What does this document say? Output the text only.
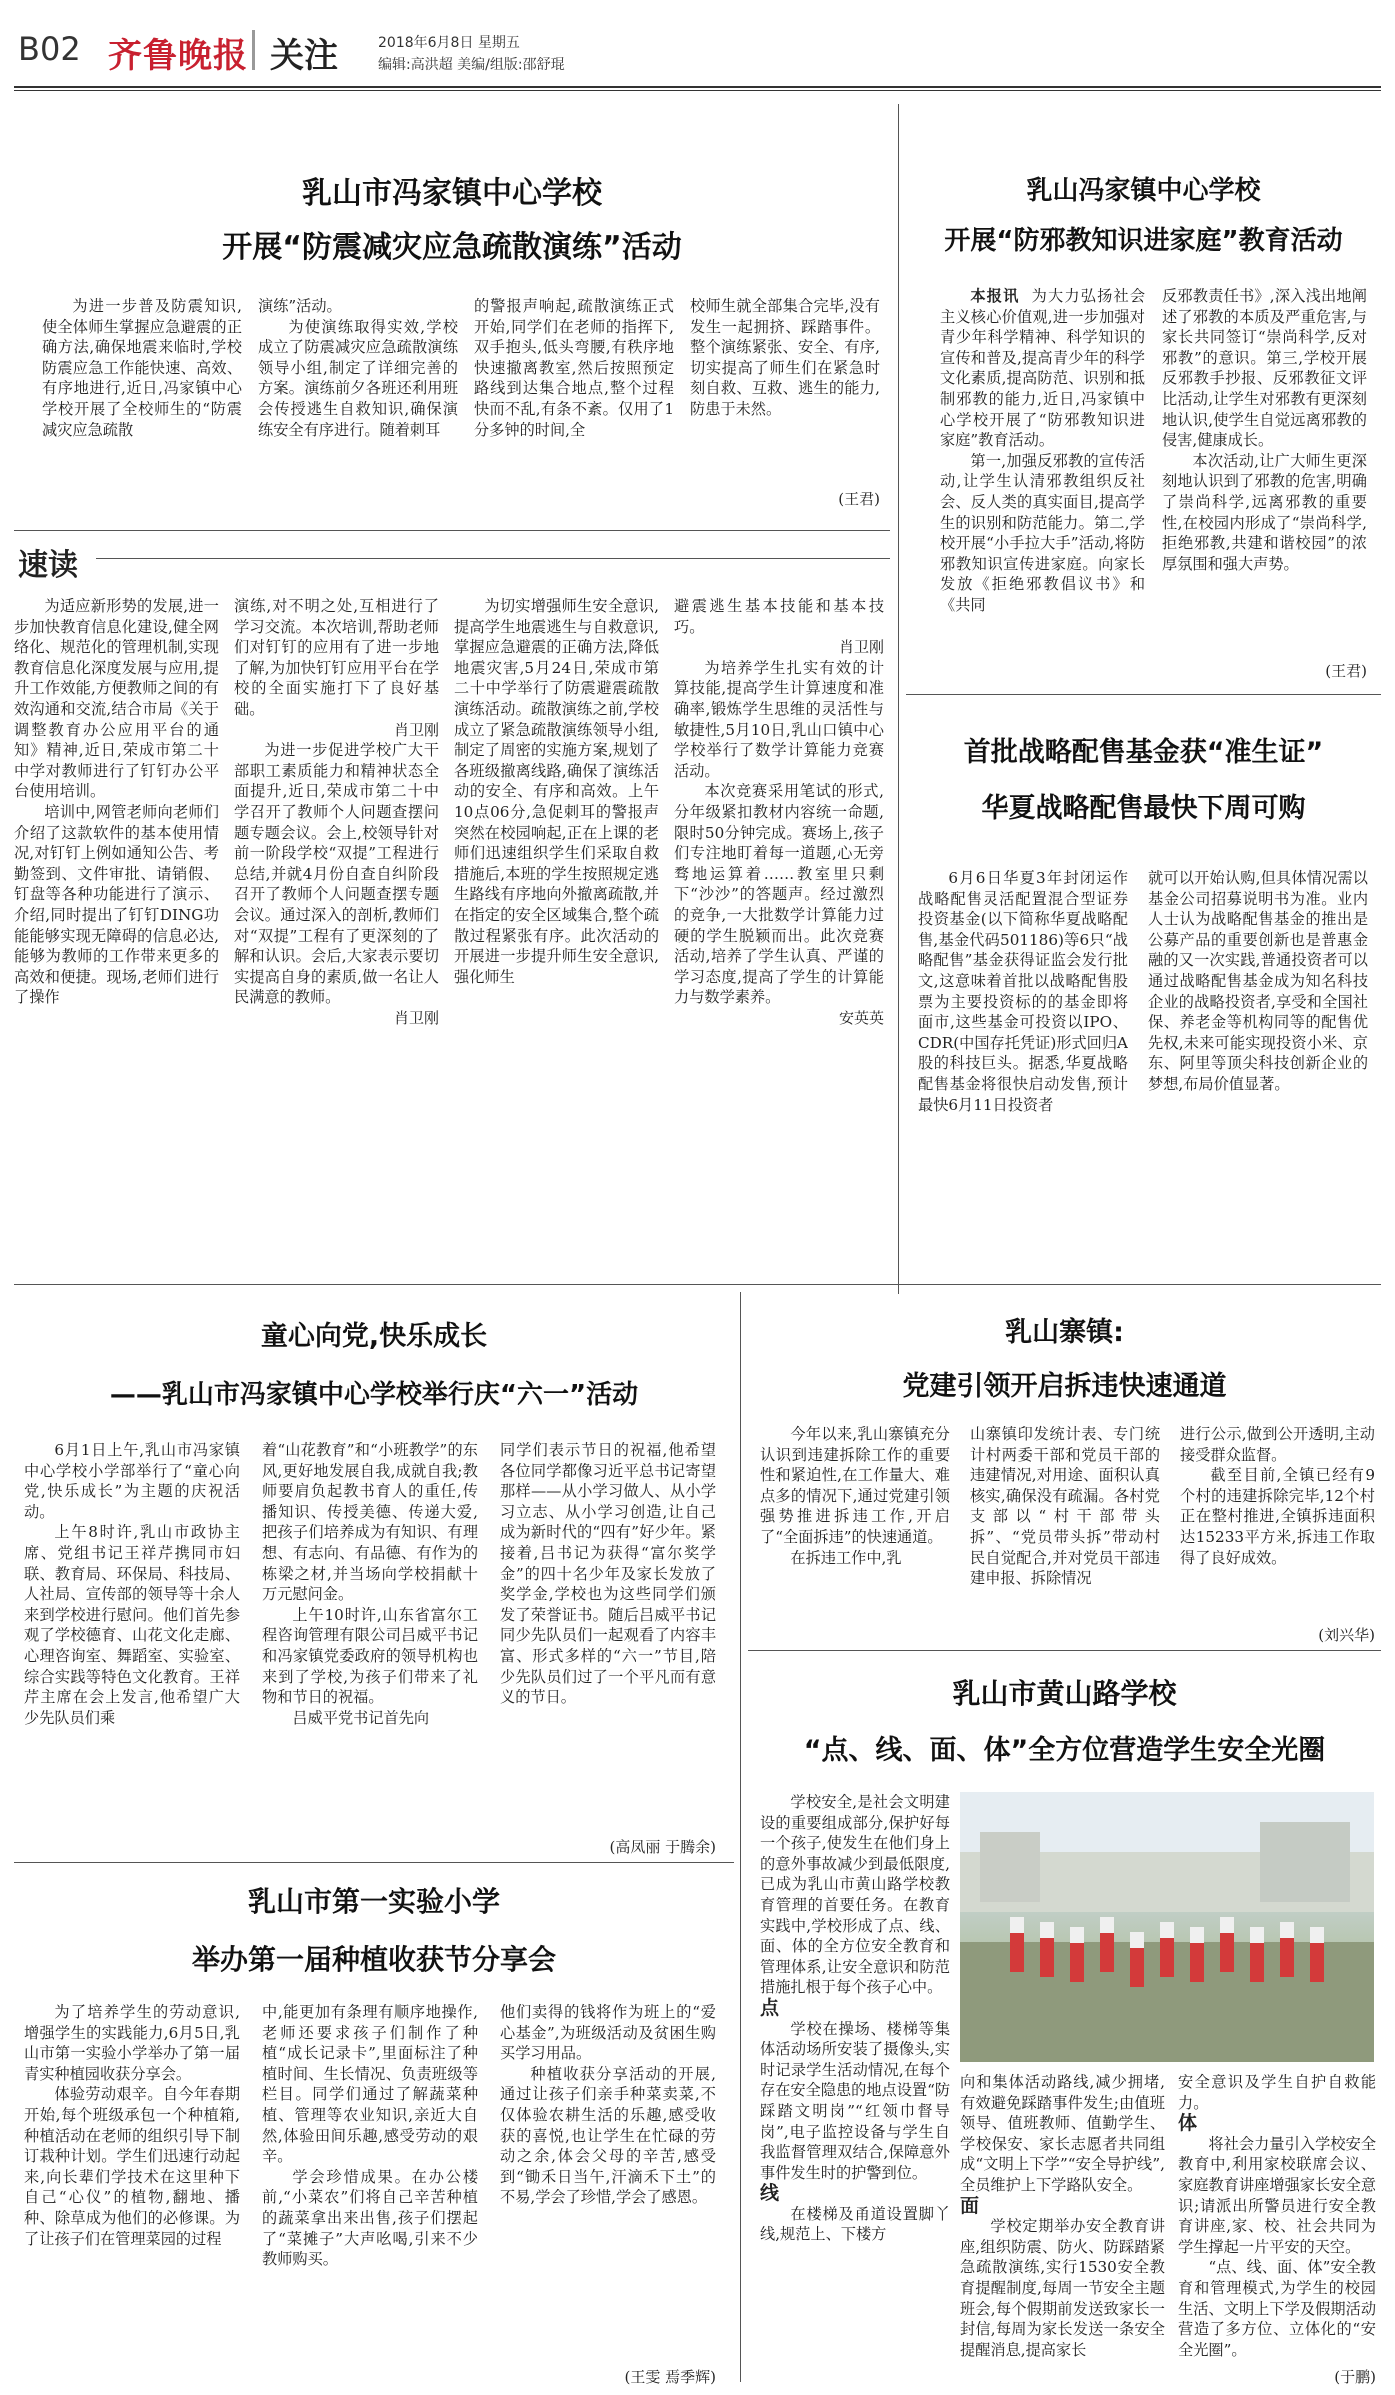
B02 齐鲁晚报 关注	2018年6月8日 星期五
编辑:高洪超 美编/组版:邵舒琨
乳山市冯家镇中心学校
开展“防震减灾应急疏散演练”活动

为进一步普及防震知识,使全体师生掌握应急避震的正确方法,确保地震来临时,学校防震应急工作能快速、高效、有序地进行,近日,冯家镇中心学校开展了全校师生的“防震减灾应急疏散

演练”活动。

为使演练取得实效,学校成立了防震减灾应急疏散演练领导小组,制定了详细完善的方案。演练前夕各班还利用班会传授逃生自救知识,确保演练安全有序进行。随着刺耳

的警报声响起,疏散演练正式开始,同学们在老师的指挥下,双手抱头,低头弯腰,有秩序地快速撤离教室,然后按照预定路线到达集合地点,整个过程快而不乱,有条不紊。仅用了1分多钟的时间,全

校师生就全部集合完毕,没有发生一起拥挤、踩踏事件。整个演练紧张、安全、有序,切实提高了师生们在紧急时刻自救、互救、逃生的能力,防患于未然。

(王君)
乳山冯家镇中心学校
开展“防邪教知识进家庭”教育活动

本报讯 为大力弘扬社会主义核心价值观,进一步加强对青少年科学精神、科学知识的宣传和普及,提高青少年的科学文化素质,提高防范、识别和抵制邪教的能力,近日,冯家镇中心学校开展了“防邪教知识进家庭”教育活动。

第一,加强反邪教的宣传活动,让学生认清邪教组织反社会、反人类的真实面目,提高学生的识别和防范能力。第二,学校开展“小手拉大手”活动,将防邪教知识宣传进家庭。向家长发放《拒绝邪教倡议书》和《共同

反邪教责任书》,深入浅出地阐述了邪教的本质及严重危害,与家长共同签订“崇尚科学,反对邪教”的意识。第三,学校开展反邪教手抄报、反邪教征文评比活动,让学生对邪教有更深刻地认识,使学生自觉远离邪教的侵害,健康成长。

本次活动,让广大师生更深刻地认识到了邪教的危害,明确了崇尚科学,远离邪教的重要性,在校园内形成了“崇尚科学,拒绝邪教,共建和谐校园”的浓厚氛围和强大声势。

(王君)
速读

为适应新形势的发展,进一步加快教育信息化建设,健全网络化、规范化的管理机制,实现教育信息化深度发展与应用,提升工作效能,方便教师之间的有效沟通和交流,结合市局《关于调整教育办公应用平台的通知》精神,近日,荣成市第二十中学对教师进行了钉钉办公平台使用培训。

培训中,网管老师向老师们介绍了这款软件的基本使用情况,对钉钉上例如通知公告、考勤签到、文件审批、请销假、钉盘等各种功能进行了演示、介绍,同时提出了钉钉DING功能能够实现无障碍的信息必达,能够为教师的工作带来更多的高效和便捷。现场,老师们进行了操作

演练,对不明之处,互相进行了学习交流。本次培训,帮助老师们对钉钉的应用有了进一步地了解,为加快钉钉应用平台在学校的全面实施打下了良好基础。

肖卫刚

为进一步促进学校广大干部职工素质能力和精神状态全面提升,近日,荣成市第二十中学召开了教师个人问题查摆问题专题会议。会上,校领导针对前一阶段学校“双提”工程进行总结,并就4月份自查自纠阶段召开了教师个人问题查摆专题会议。通过深入的剖析,教师们对“双提”工程有了更深刻的了解和认识。会后,大家表示要切实提高自身的素质,做一名让人民满意的教师。

肖卫刚

为切实增强师生安全意识,提高学生地震逃生与自救意识,掌握应急避震的正确方法,降低地震灾害,5月24日,荣成市第二十中学举行了防震避震疏散演练活动。疏散演练之前,学校成立了紧急疏散演练领导小组,制定了周密的实施方案,规划了各班级撤离线路,确保了演练活动的安全、有序和高效。上午10点06分,急促刺耳的警报声突然在校园响起,正在上课的老师们迅速组织学生们采取自救措施后,本班的学生按照规定逃生路线有序地向外撤离疏散,并在指定的安全区域集合,整个疏散过程紧张有序。此次活动的开展进一步提升师生安全意识,强化师生

避震逃生基本技能和基本技巧。

肖卫刚

为培养学生扎实有效的计算技能,提高学生计算速度和准确率,锻炼学生思维的灵活性与敏捷性,5月10日,乳山口镇中心学校举行了数学计算能力竞赛活动。

本次竞赛采用笔试的形式,分年级紧扣教材内容统一命题,限时50分钟完成。赛场上,孩子们专注地盯着每一道题,心无旁骛地运算着……教室里只剩下“沙沙”的答题声。经过激烈的竞争,一大批数学计算能力过硬的学生脱颖而出。此次竞赛活动,培养了学生认真、严谨的学习态度,提高了学生的计算能力与数学素养。

安英英
首批战略配售基金获“准生证”
华夏战略配售最快下周可购

6月6日华夏3年封闭运作战略配售灵活配置混合型证券投资基金(以下简称华夏战略配售,基金代码501186)等6只“战略配售”基金获得证监会发行批文,这意味着首批以战略配售股票为主要投资标的的基金即将面市,这些基金可投资以IPO、CDR(中国存托凭证)形式回归A股的科技巨头。据悉,华夏战略配售基金将很快启动发售,预计最快6月11日投资者

就可以开始认购,但具体情况需以基金公司招募说明书为准。业内人士认为战略配售基金的推出是公募产品的重要创新也是普惠金融的又一次实践,普通投资者可以通过战略配售基金成为知名科技企业的战略投资者,享受和全国社保、养老金等机构同等的配售优先权,未来可能实现投资小米、京东、阿里等顶尖科技创新企业的梦想,布局价值显著。

童心向党,快乐成长
——乳山市冯家镇中心学校举行庆“六一”活动

6月1日上午,乳山市冯家镇中心学校小学部举行了“童心向党,快乐成长”为主题的庆祝活动。

上午8时许,乳山市政协主席、党组书记王祥芹携同市妇联、教育局、环保局、科技局、人社局、宣传部的领导等十余人来到学校进行慰问。他们首先参观了学校德育、山花文化走廊、心理咨询室、舞蹈室、实验室、综合实践等特色文化教育。王祥芹主席在会上发言,他希望广大少先队员们乘

着“山花教育”和“小班教学”的东风,更好地发展自我,成就自我;教师要肩负起教书育人的重任,传播知识、传授美德、传递大爱,把孩子们培养成为有知识、有理想、有志向、有品德、有作为的栋梁之材,并当场向学校捐献十万元慰问金。

上午10时许,山东省富尔工程咨询管理有限公司吕威平书记和冯家镇党委政府的领导机构也来到了学校,为孩子们带来了礼物和节日的祝福。

吕威平党书记首先向

同学们表示节日的祝福,他希望各位同学都像习近平总书记寄望那样——从小学习做人、从小学习立志、从小学习创造,让自己成为新时代的“四有”好少年。紧接着,吕书记为获得“富尔奖学金”的四十名少年及家长发放了奖学金,学校也为这些同学们颁发了荣誉证书。随后吕威平书记同少先队员们一起观看了内容丰富、形式多样的“六一”节目,陪少先队员们过了一个平凡而有意义的节日。

(高凤丽 于腾余)
乳山寨镇:
党建引领开启拆违快速通道

今年以来,乳山寨镇充分认识到违建拆除工作的重要性和紧迫性,在工作量大、难点多的情况下,通过党建引领强势推进拆违工作,开启了“全面拆违”的快速通道。

在拆违工作中,乳

山寨镇印发统计表、专门统计村两委干部和党员干部的违建情况,对用途、面积认真核实,确保没有疏漏。各村党支部以“村干部带头拆”、“党员带头拆”带动村民自觉配合,并对党员干部违建申报、拆除情况

进行公示,做到公开透明,主动接受群众监督。

截至目前,全镇已经有9个村的违建拆除完毕,12个村正在整村推进,全镇拆违面积达15233平方米,拆违工作取得了良好成效。

(刘兴华)
乳山市第一实验小学
举办第一届种植收获节分享会

为了培养学生的劳动意识,增强学生的实践能力,6月5日,乳山市第一实验小学举办了第一届青实种植园收获分享会。

体验劳动艰辛。自今年春期开始,每个班级承包一个种植箱,种植活动在老师的组织引导下制订栽种计划。学生们迅速行动起来,向长辈们学技术在这里种下自己“心仪”的植物,翻地、播种、除草成为他们的必修课。为了让孩子们在管理菜园的过程

中,能更加有条理有顺序地操作,老师还要求孩子们制作了种植“成长记录卡”,里面标注了种植时间、生长情况、负责班级等栏目。同学们通过了解蔬菜种植、管理等农业知识,亲近大自然,体验田间乐趣,感受劳动的艰辛。

学会珍惜成果。在办公楼前,“小菜农”们将自己辛苦种植的蔬菜拿出来出售,孩子们摆起了“菜摊子”大声吆喝,引来不少教师购买。

他们卖得的钱将作为班上的“爱心基金”,为班级活动及贫困生购买学习用品。

种植收获分享活动的开展,通过让孩子们亲手种菜卖菜,不仅体验农耕生活的乐趣,感受收获的喜悦,也让学生在忙碌的劳动之余,体会父母的辛苦,感受到“锄禾日当午,汗滴禾下土”的不易,学会了珍惜,学会了感恩。

(王雯 焉季辉)
乳山市黄山路学校
“点、线、面、体”全方位营造学生安全光圈

学校安全,是社会文明建设的重要组成部分,保护好每一个孩子,使发生在他们身上的意外事故减少到最低限度,已成为乳山市黄山路学校教育管理的首要任务。在教育实践中,学校形成了点、线、面、体的全方位安全教育和管理体系,让安全意识和防范措施扎根于每个孩子心中。

点

学校在操场、楼梯等集体活动场所安装了摄像头,实时记录学生活动情况,在每个存在安全隐患的地点设置“防踩踏文明岗”“红领巾督导岗”,电子监控设备与学生自我监督管理双结合,保障意外事件发生时的护警到位。

线

在楼梯及甬道设置脚丫线,规范上、下楼方

向和集体活动路线,减少拥堵,有效避免踩踏事件发生;由值班领导、值班教师、值勤学生、学校保安、家长志愿者共同组成“文明上下学”“安全导护线”,全员维护上下学路队安全。

面

学校定期举办安全教育讲座,组织防震、防火、防踩踏紧急疏散演练,实行1530安全教育提醒制度,每周一节安全主题班会,每个假期前发送致家长一封信,每周为家长发送一条安全提醒消息,提高家长

安全意识及学生自护自救能力。

体

将社会力量引入学校安全教育中,利用家校联席会议、家庭教育讲座增强家长安全意识;请派出所警员进行安全教育讲座,家、校、社会共同为学生撑起一片平安的天空。

“点、线、面、体”安全教育和管理模式,为学生的校园生活、文明上下学及假期活动营造了多方位、立体化的“安全光圈”。

(于鹏)
